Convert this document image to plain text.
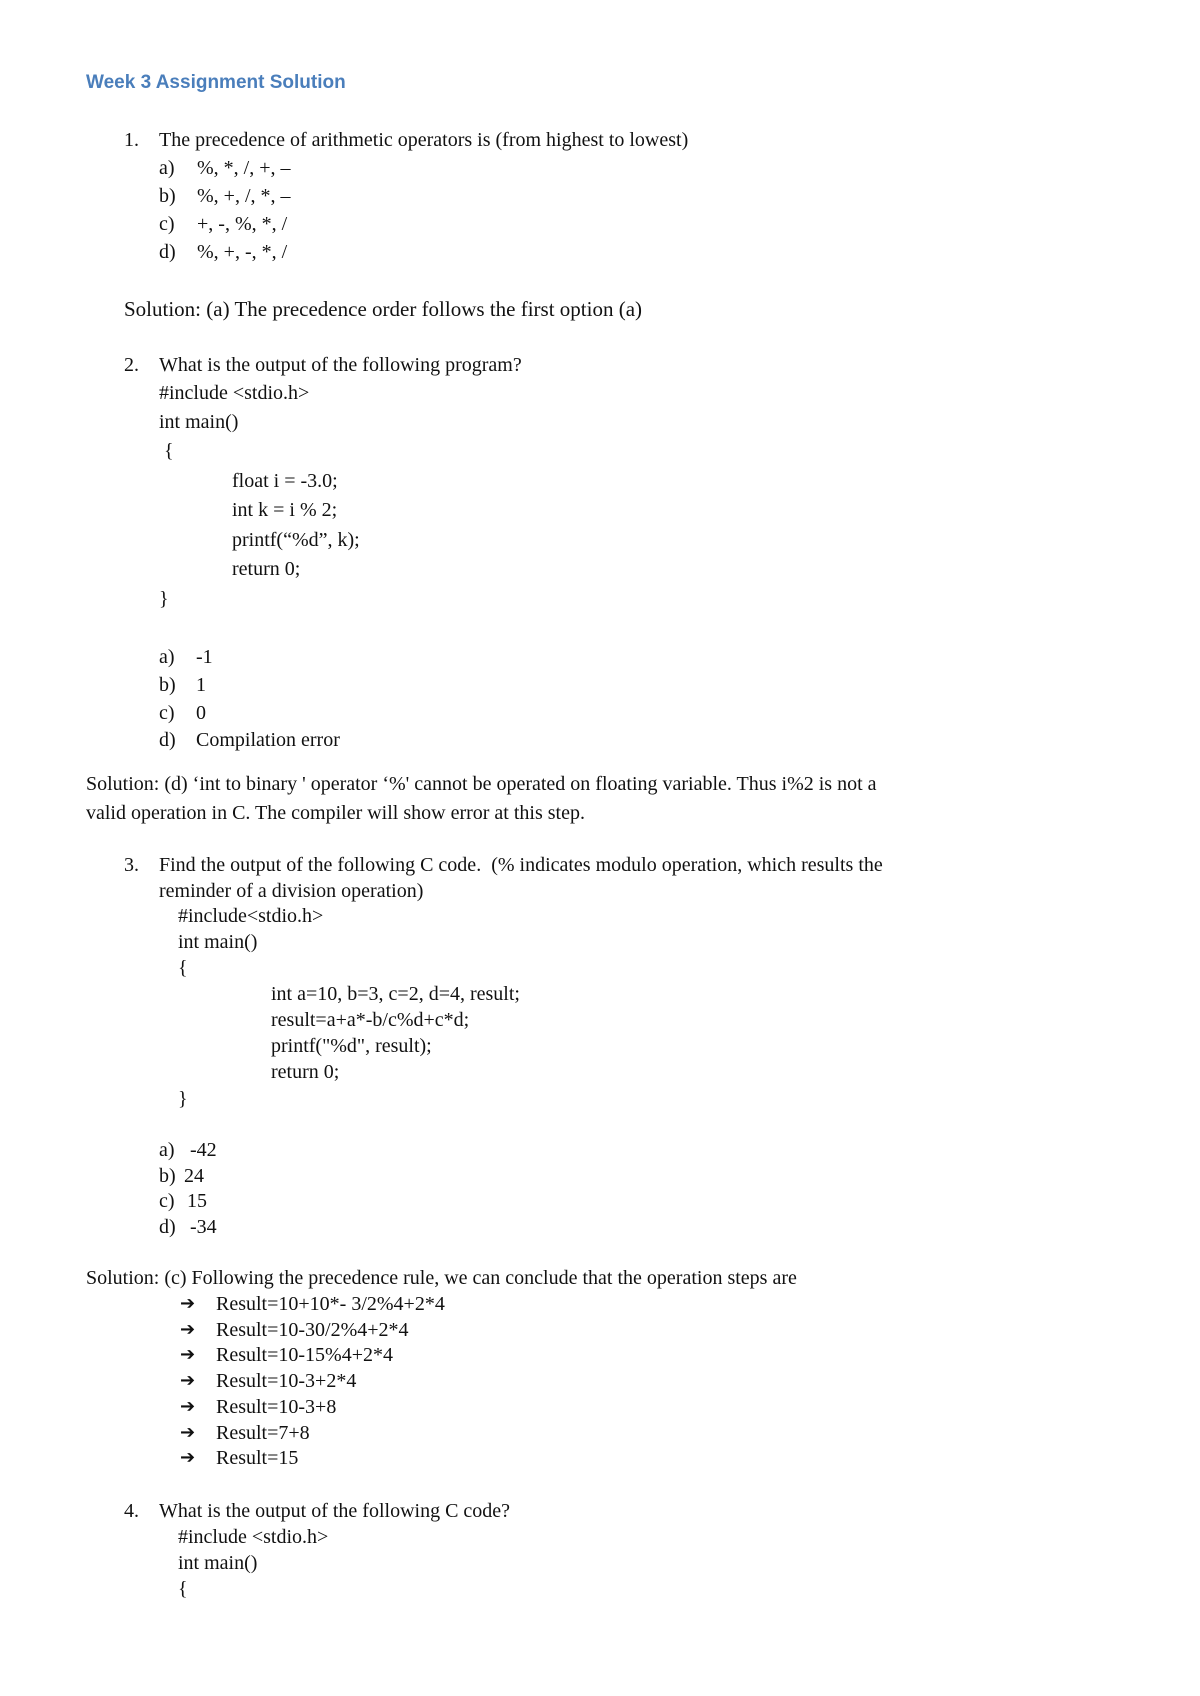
Week 3 Assignment Solution
1. The precedence of arithmetic operators is (from highest to lowest)
a) %, *, /, +, –
b) %, +, /, *, –
c) +, -, %, *, /
d) %, +, -, *, /
Solution: (a) The precedence order follows the first option (a)
2. What is the output of the following program?
#include <stdio.h>
int main()
{
float i = -3.0;
int k = i % 2;
printf(“%d”, k);
return 0;
}
a) -1
b) 1
c) 0
d) Compilation error
Solution: (d) ‘int to binary ' operator ‘%' cannot be operated on floating variable. Thus i%2 is not a
valid operation in C. The compiler will show error at this step.
3. Find the output of the following C code.  (% indicates modulo operation, which results the
reminder of a division operation)
#include<stdio.h>
int main()
{
int a=10, b=3, c=2, d=4, result;
result=a+a*-b/c%d+c*d;
printf("%d", result);
return 0;
}
a) -42
b) 24
c) 15
d) -34
Solution: (c) Following the precedence rule, we can conclude that the operation steps are
➔ Result=10+10*- 3/2%4+2*4
➔ Result=10-30/2%4+2*4
➔ Result=10-15%4+2*4
➔ Result=10-3+2*4
➔ Result=10-3+8
➔ Result=7+8
➔ Result=15
4. What is the output of the following C code?
#include <stdio.h>
int main()
{
